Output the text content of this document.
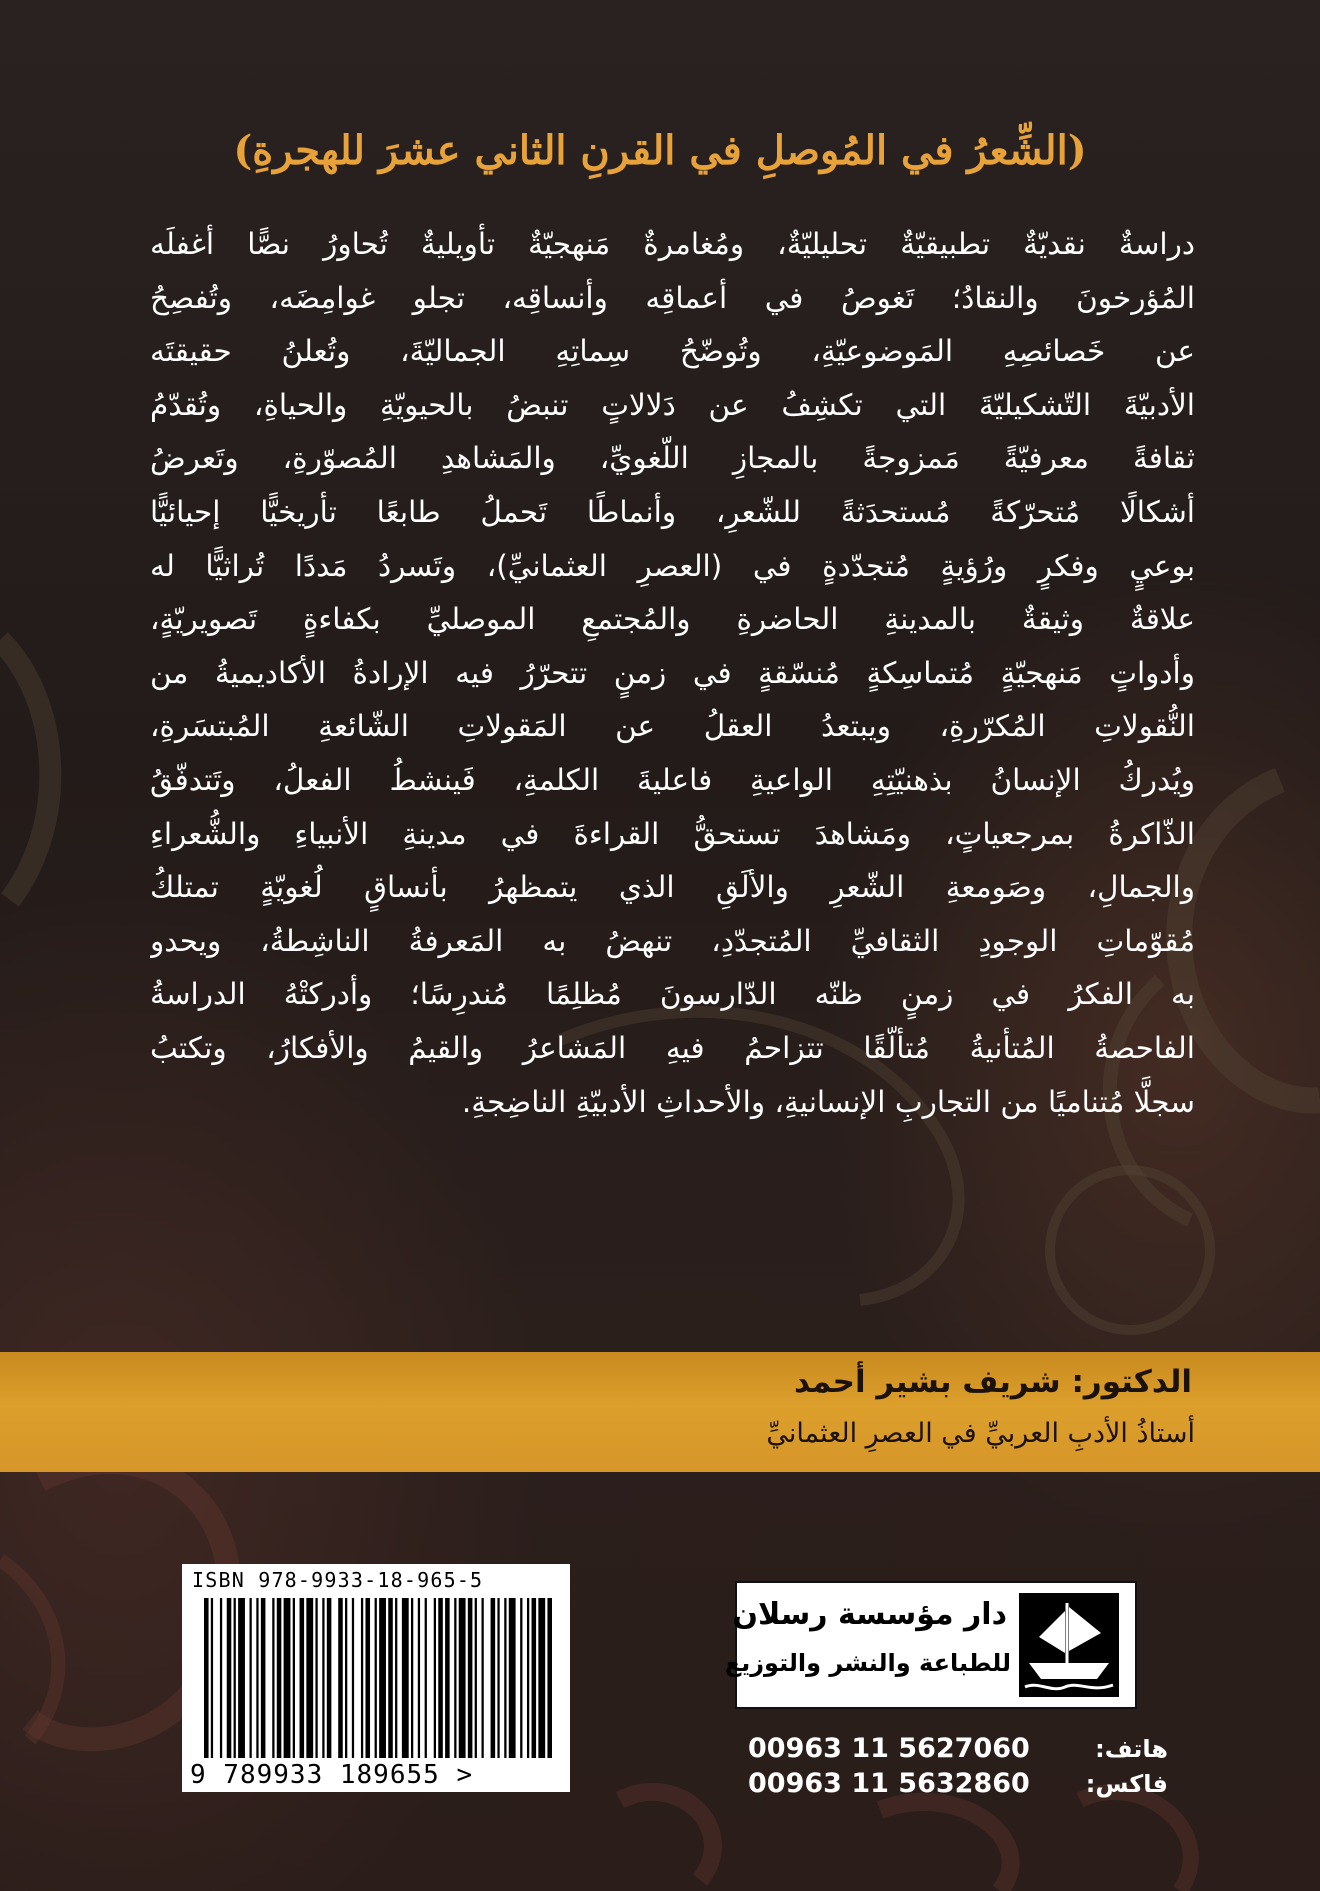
(الشِّعرُ في المُوصلِ في القرنِ الثاني عشرَ للهجرةِ)
دراسةٌ نقديّةٌ تطبيقيّةٌ تحليليّةٌ، ومُغامرةٌ مَنهجيّةٌ تأويليةٌ تُحاورُ نصًّا أغفلَه
المُؤرخونَ والنقادُ؛ تَغوصُ في أعماقِه وأنساقِه، تجلو غوامِضَه، وتُفصِحُ
عن خَصائصِهِ المَوضوعيّةِ، وتُوضّحُ سِماتِهِ الجماليّةَ، وتُعلنُ حقيقتَه
الأدبيّةَ التّشكيليّةَ التي تكشِفُ عن دَلالاتٍ تنبضُ بالحيويّةِ والحياةِ، وتُقدّمُ
ثقافةً معرفيّةً مَمزوجةً بالمجازِ اللّغويِّ، والمَشاهدِ المُصوّرةِ، وتَعرضُ
أشكالًا مُتحرّكةً مُستحدَثةً للشّعرِ، وأنماطًا تَحملُ طابعًا تأريخيًّا إحيائيًّا
بوعيٍ وفكرٍ ورُؤيةٍ مُتجدّدةٍ في (العصرِ العثمانيِّ)، وتَسردُ مَددًا تُراثيًّا له
علاقةٌ وثيقةٌ بالمدينةِ الحاضرةِ والمُجتمعِ الموصليِّ بكفاءةٍ تَصويريّةٍ،
وأدواتٍ مَنهجيّةٍ مُتماسِكةٍ مُنسّقةٍ في زمنٍ تتحرّرُ فيه الإرادةُ الأكاديميةُ من
النُّقولاتِ المُكرّرةِ، ويبتعدُ العقلُ عن المَقولاتِ الشّائعةِ المُبتسَرةِ،
ويُدركُ الإنسانُ بذهنيّتِهِ الواعيةِ فاعليةَ الكلمةِ، فَينشطُ الفعلُ، وتَتدفّقُ
الذّاكرةُ بمرجعياتٍ، ومَشاهدَ تستحقُّ القراءةَ في مدينةِ الأنبياءِ والشُّعراءِ
والجمالِ، وصَومعةِ الشّعرِ والألَقِ الذي يتمظهرُ بأنساقٍ لُغويّةٍ تمتلكُ
مُقوّماتِ الوجودِ الثقافيِّ المُتجدّدِ، تنهضُ به المَعرفةُ الناشِطةُ، ويحدو
به الفكرُ في زمنٍ ظنّه الدّارسونَ مُظلِمًا مُندرِسًا؛ وأدركتْهُ الدراسةُ
الفاحصةُ المُتأنيةُ مُتألّقًا تتزاحمُ فيهِ المَشاعرُ والقيمُ والأفكارُ، وتكتبُ
سجلًّا مُتناميًا من التجاربِ الإنسانيةِ، والأحداثِ الأدبيّةِ الناضِجةِ.
الدكتور: شريف بشير أحمد
أستاذُ الأدبِ العربيِّ في العصرِ العثمانيِّ
ISBN 978-9933-18-965-5
9 789933 189655 >
دار مؤسسة رسلان
للطباعة والنشر والتوزيع
00963 11 5627060	هاتف:
00963 11 5632860 فاكس:
